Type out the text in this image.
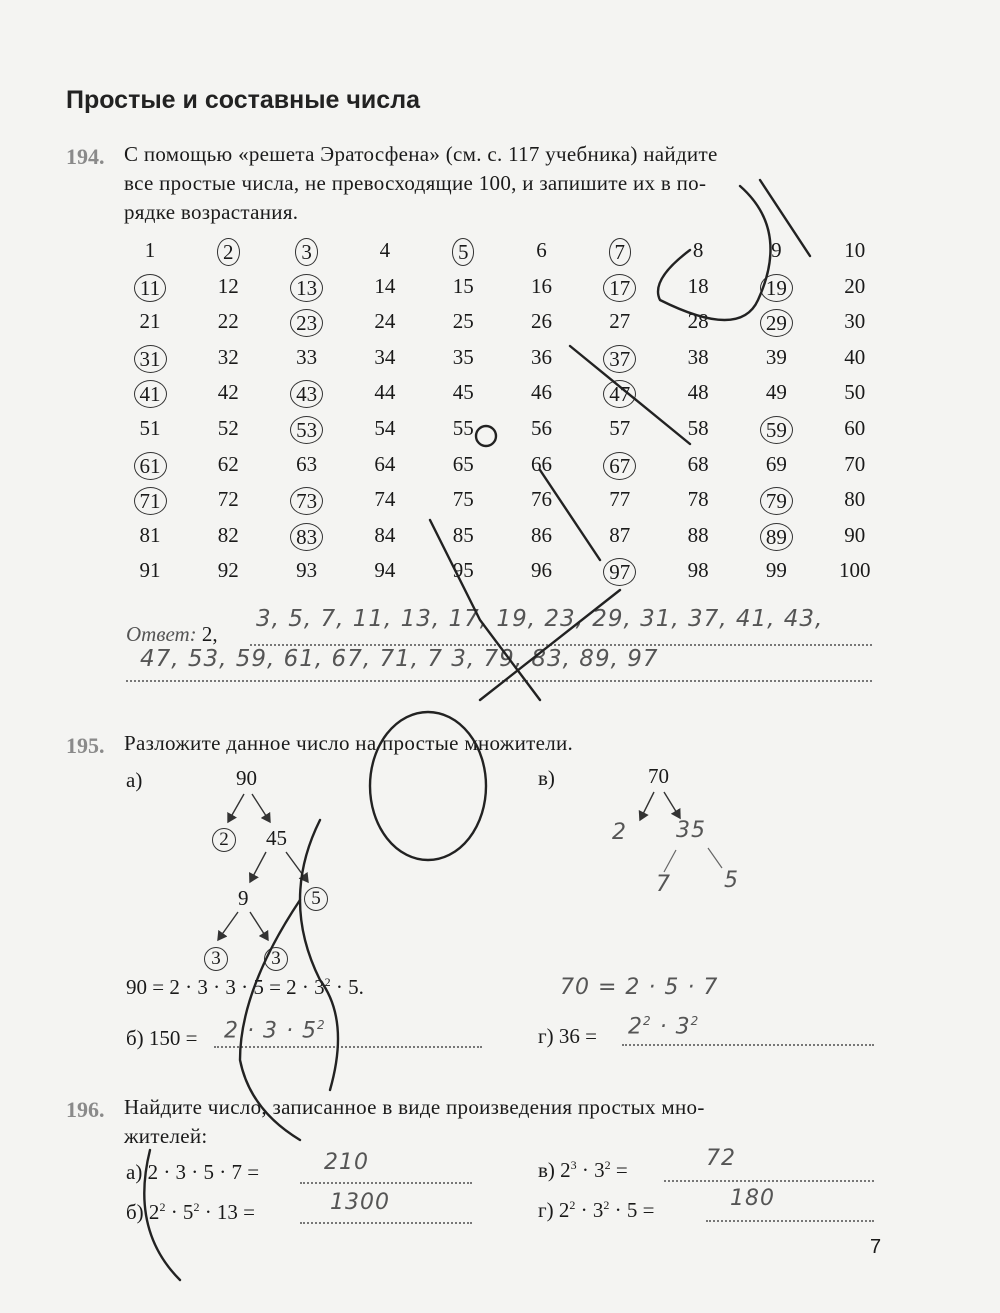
Простые и составные числа
194. С помощью «решета Эратосфена» (см. с. 117 учебника) найдите
все простые числа, не превосходящие 100, и запишите их в по-
рядке возрастания.
1	2	3	4	5	6	7	8	9	10
11	12	13	14	15	16	17	18	19	20
21	22	23	24	25	26	27	28	29	30
31	32	33	34	35	36	37	38	39	40
41	42	43	44	45	46	47	48	49	50
51	52	53	54	55	56	57	58	59	60
61	62	63	64	65	66	67	68	69	70
71	72	73	74	75	76	77	78	79	80
81	82	83	84	85	86	87	88	89	90
91	92	93	94	95	96	97	98	99	100
Ответ: 2,
3, 5, 7, 11, 13, 17, 19, 23, 29, 31, 37, 41, 43,
47, 53, 59, 61, 67, 71, 7 3, 79, 83, 89, 97
195. Разложите данное число на простые множители.
а)	90
2	45
9	5
3	3
$90 = 2 \cdot 3 \cdot 3 \cdot 5 = 2 \cdot 3^2 \cdot 5$.
в)	70
2 35
7 5
70 = 2 · 5 · 7
б) $150 = 2 \cdot 3 \cdot 5^2$	г) $36 = 2^2 \cdot 3^2$
196. Найдите число, записанное в виде произведения простых мно-
жителей:
а) 2 · 3 · 5 · 7 =	210
б) $2^2 \cdot 5^2 \cdot 13$ =	1300
в) $2^3 \cdot 3^2$ =	72
г) $2^2 \cdot 3^2 \cdot 5$ =	180
7
